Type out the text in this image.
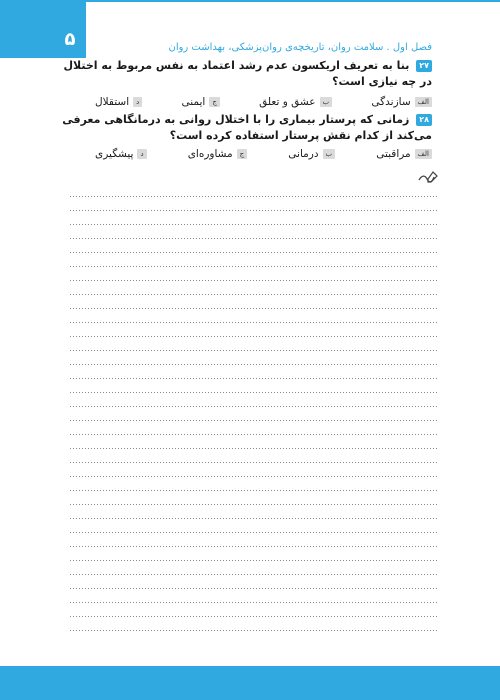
۵	فصل اول . سلامت روان، تاریخچه‌ی روان‌پزشکی، بهداشت روان
۲۷ بنا به تعریف اریکسون عدم رشد اعتماد به نفس مربوط به اختلال در چه نیازی است؟
الف
سازندگی
ب
عشق و تعلق
ج
ایمنی
د
استقلال
۲۸ زمانی که پرستار بیماری را با اختلال روانی به درمانگاهی معرفی می‌کند از کدام نقش پرستار استفاده کرده است؟
الف
مراقبتی
ب
درمانی
ج
مشاوره‌ای
د
پیشگیری
